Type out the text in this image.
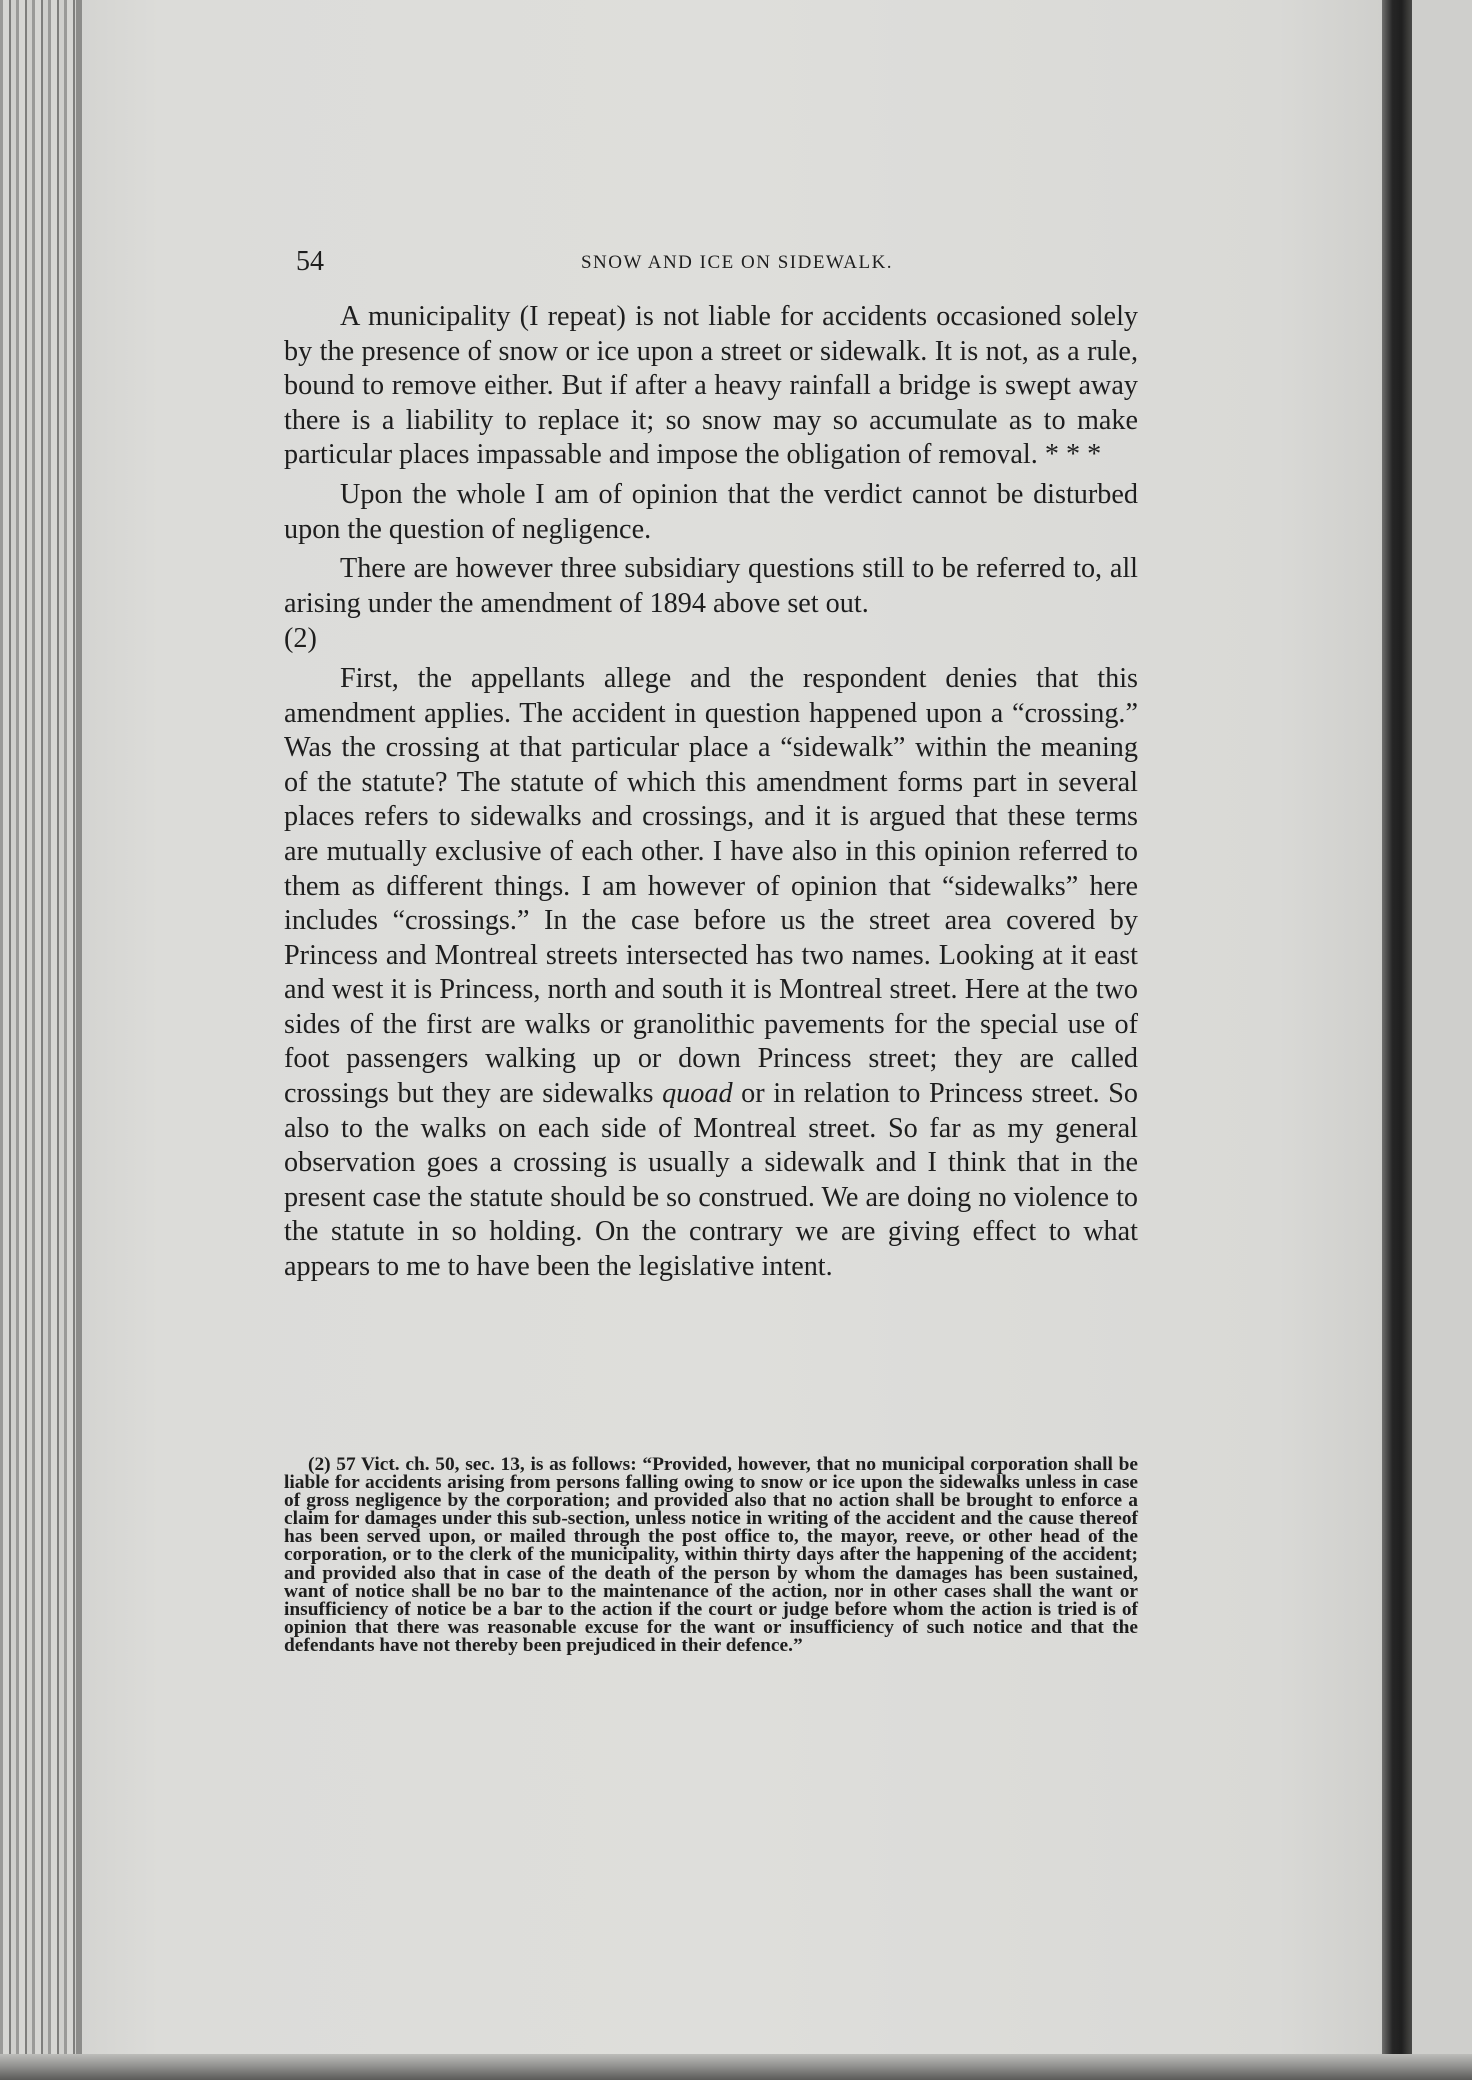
54	SNOW AND ICE ON SIDEWALK.

A municipality (I repeat) is not liable for accidents occasioned solely by the presence of snow or ice upon a street or sidewalk. It is not, as a rule, bound to remove either. But if after a heavy rainfall a bridge is swept away there is a liability to replace it; so snow may so accumulate as to make particular places impassable and impose the obligation of removal. * * *

Upon the whole I am of opinion that the verdict cannot be disturbed upon the question of negligence.

There are however three subsidiary questions still to be referred to, all arising under the amendment of 1894 above set out.

(2)

First, the appellants allege and the respondent denies that this amendment applies. The accident in question happened upon a “crossing.” Was the crossing at that particular place a “sidewalk” within the meaning of the statute? The statute of which this amendment forms part in several places refers to sidewalks and crossings, and it is argued that these terms are mutually exclusive of each other. I have also in this opinion referred to them as different things. I am however of opinion that “sidewalks” here includes “crossings.” In the case before us the street area covered by Princess and Montreal streets intersected has two names. Looking at it east and west it is Princess, north and south it is Montreal street. Here at the two sides of the first are walks or granolithic pavements for the special use of foot passengers walking up or down Princess street; they are called crossings but they are sidewalks quoad or in relation to Princess street. So also to the walks on each side of Montreal street. So far as my general observation goes a crossing is usually a sidewalk and I think that in the present case the statute should be so construed. We are doing no violence to the statute in so holding. On the contrary we are giving effect to what appears to me to have been the legislative intent.

(2) 57 Vict. ch. 50, sec. 13, is as follows: “Provided, however, that no municipal corporation shall be liable for accidents arising from persons falling owing to snow or ice upon the sidewalks unless in case of gross negligence by the corporation; and provided also that no action shall be brought to enforce a claim for damages under this sub-section, unless notice in writing of the accident and the cause thereof has been served upon, or mailed through the post office to, the mayor, reeve, or other head of the corporation, or to the clerk of the municipality, within thirty days after the happening of the accident; and provided also that in case of the death of the person by whom the damages has been sustained, want of notice shall be no bar to the maintenance of the action, nor in other cases shall the want or insufficiency of notice be a bar to the action if the court or judge before whom the action is tried is of opinion that there was reasonable excuse for the want or insufficiency of such notice and that the defendants have not thereby been prejudiced in their defence.”
